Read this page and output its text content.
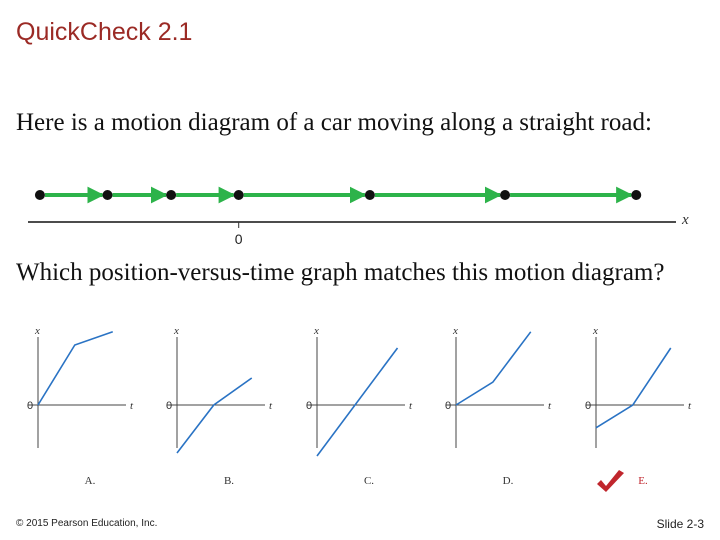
QuickCheck 2.1
Here is a motion diagram of a car moving along a straight road:
Which position-versus-time graph matches this motion diagram?
0
x
x
t
0
A.
x
t
0
B.
x
t
0
C.
x
t
0
D.
x
t
0
E.
© 2015 Pearson Education, Inc.	Slide 2-3
